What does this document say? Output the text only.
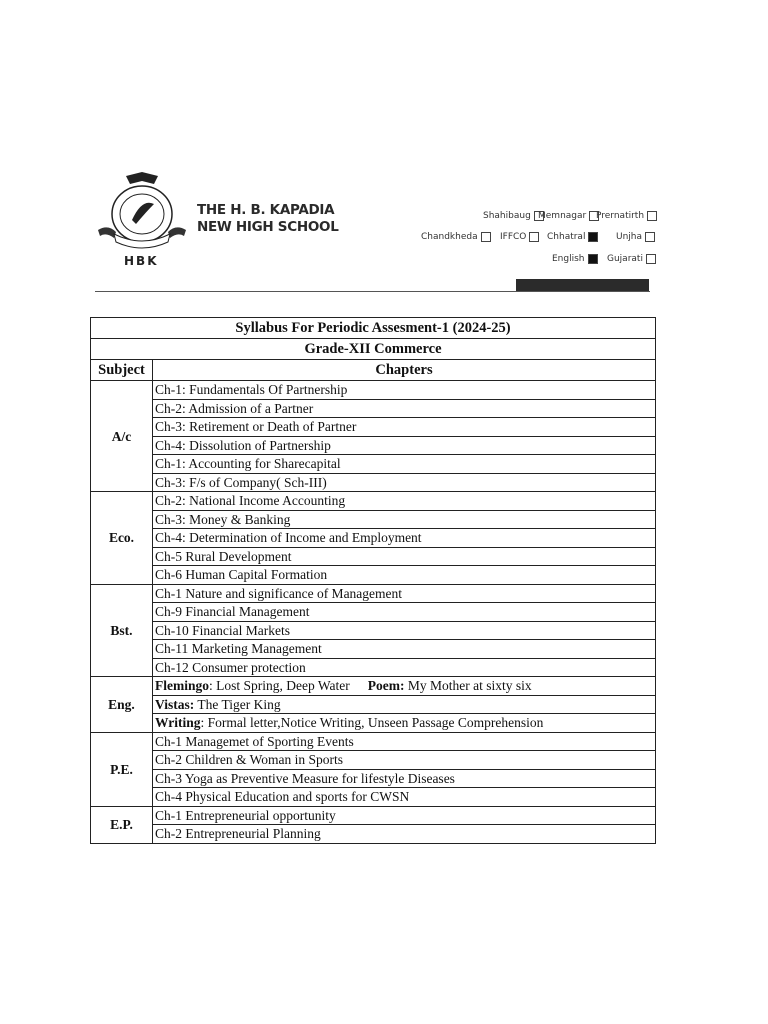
HBK
THE H. B. KAPADIA
NEW HIGH SCHOOL
Shahibaug Memnagar Prernatirth
Chandkheda IFFCO Chhatral	Unjha
English	Gujarati
Syllabus For Periodic Assesment-1 (2024-25)	
Grade-XII Commerce	
Subject	Chapters
A/c	Ch-1: Fundamentals Of Partnership
	Ch-2: Admission of a Partner
	Ch-3: Retirement or Death of Partner
	Ch-4: Dissolution of Partnership
	Ch-1: Accounting for Sharecapital
	Ch-3: F/s of Company( Sch-III)
Eco.	Ch-2: National Income Accounting
	Ch-3: Money & Banking
	Ch-4: Determination of Income and Employment
	Ch-5 Rural Development
	Ch-6 Human Capital Formation
Bst.	Ch-1 Nature and significance of Management
	Ch-9 Financial Management
	Ch-10 Financial Markets
	Ch-11 Marketing Management
	Ch-12 Consumer protection
Eng.	Flemingo: Lost Spring, Deep Water Poem: My Mother at sixty six
	Vistas: The Tiger King
	Writing: Formal letter,Notice Writing, Unseen Passage Comprehension
P.E.	Ch-1 Managemet of Sporting Events
	Ch-2 Children & Woman in Sports
	Ch-3 Yoga as Preventive Measure for lifestyle Diseases
	Ch-4 Physical Education and sports for CWSN
E.P.	Ch-1 Entrepreneurial opportunity
	Ch-2 Entrepreneurial Planning
